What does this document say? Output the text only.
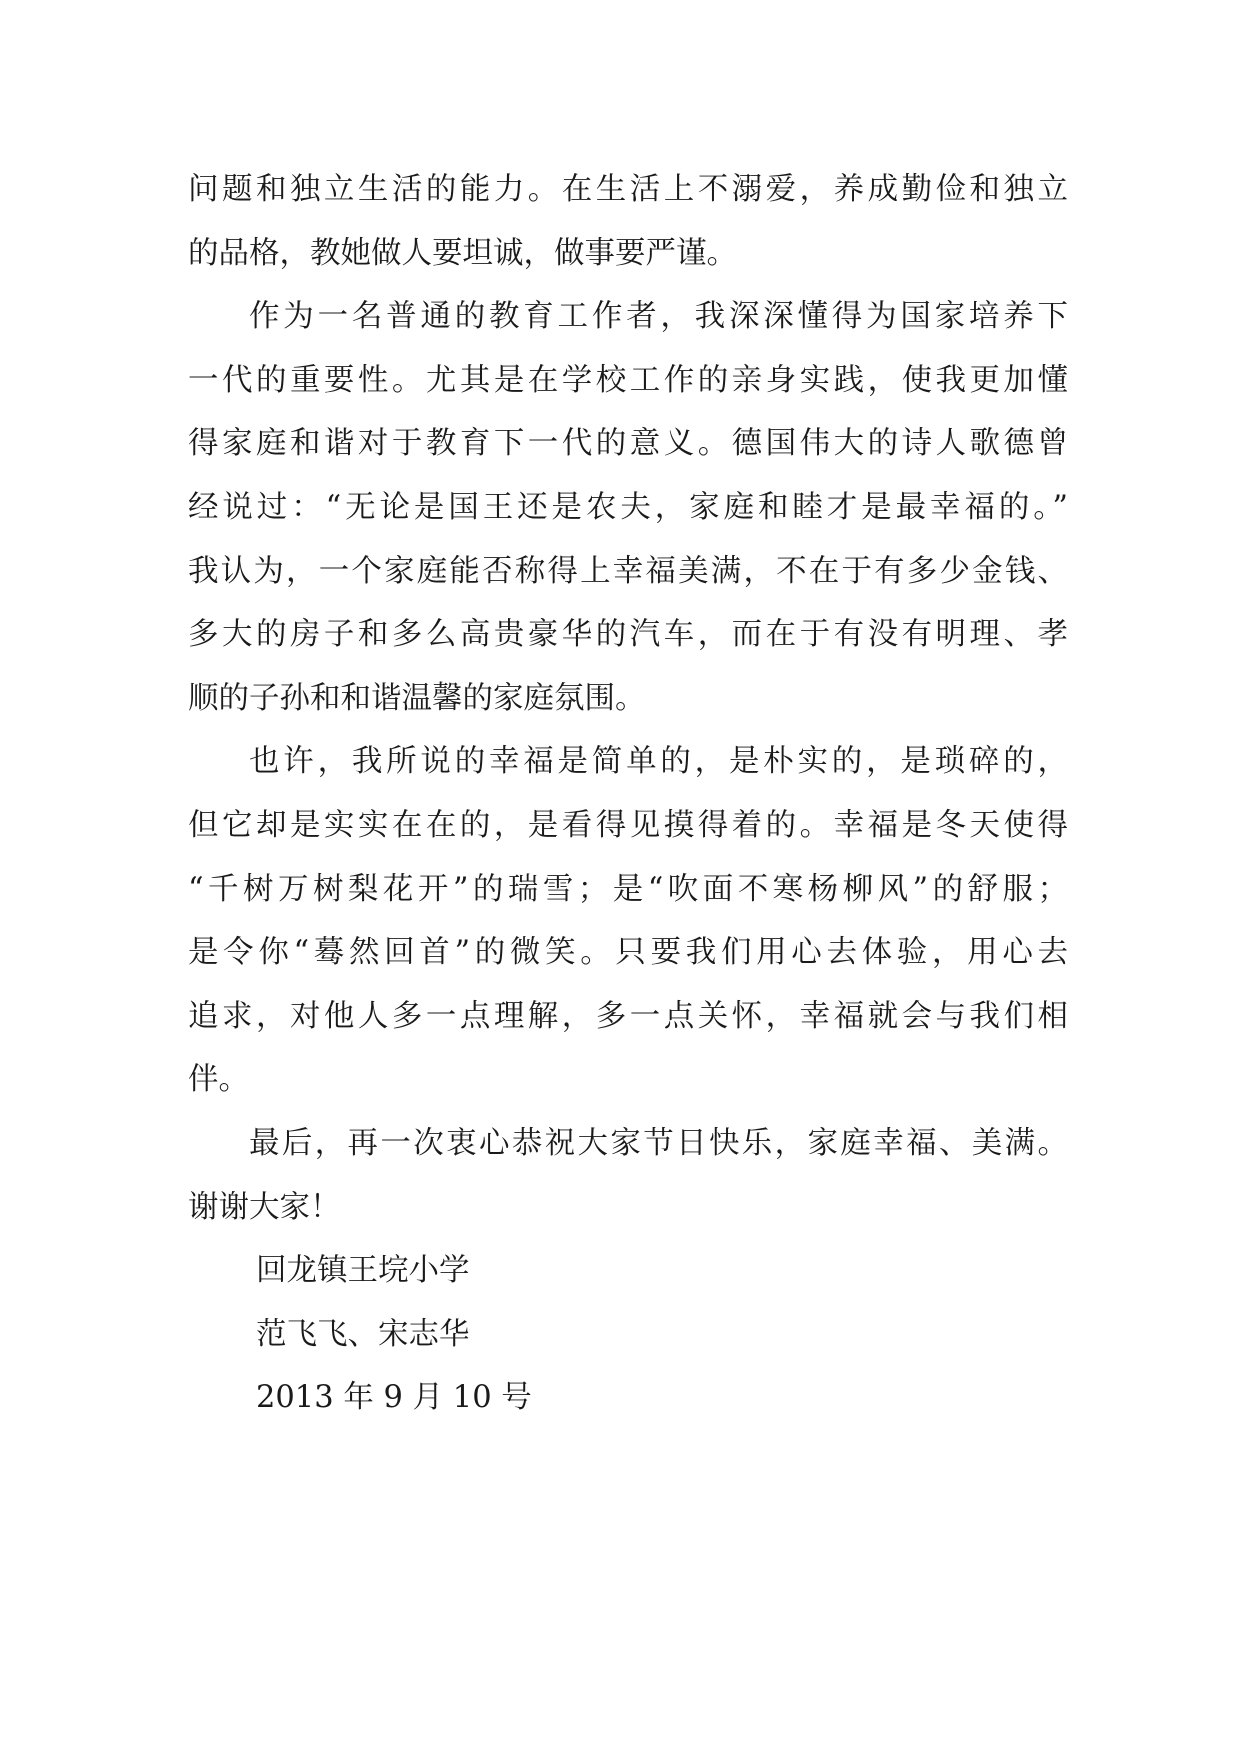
问题和独立生活的能力。在生活上不溺爱，养成勤俭和独立
的品格，教她做人要坦诚，做事要严谨。
作为一名普通的教育工作者，我深深懂得为国家培养下
一代的重要性。尤其是在学校工作的亲身实践，使我更加懂
得家庭和谐对于教育下一代的意义。德国伟大的诗人歌德曾
经说过：“无论是国王还是农夫，家庭和睦才是最幸福的。”
我认为，一个家庭能否称得上幸福美满，不在于有多少金钱、
多大的房子和多么高贵豪华的汽车，而在于有没有明理、孝
顺的子孙和和谐温馨的家庭氛围。
也许，我所说的幸福是简单的，是朴实的，是琐碎的，
但它却是实实在在的，是看得见摸得着的。幸福是冬天使得
“千树万树梨花开”的瑞雪；是“吹面不寒杨柳风”的舒服；
是令你“蓦然回首”的微笑。只要我们用心去体验，用心去
追求，对他人多一点理解，多一点关怀，幸福就会与我们相
伴。
最后，再一次衷心恭祝大家节日快乐，家庭幸福、美满。
谢谢大家！
回龙镇王垸小学
范飞飞、宋志华
2013 年 9 月 10 号
